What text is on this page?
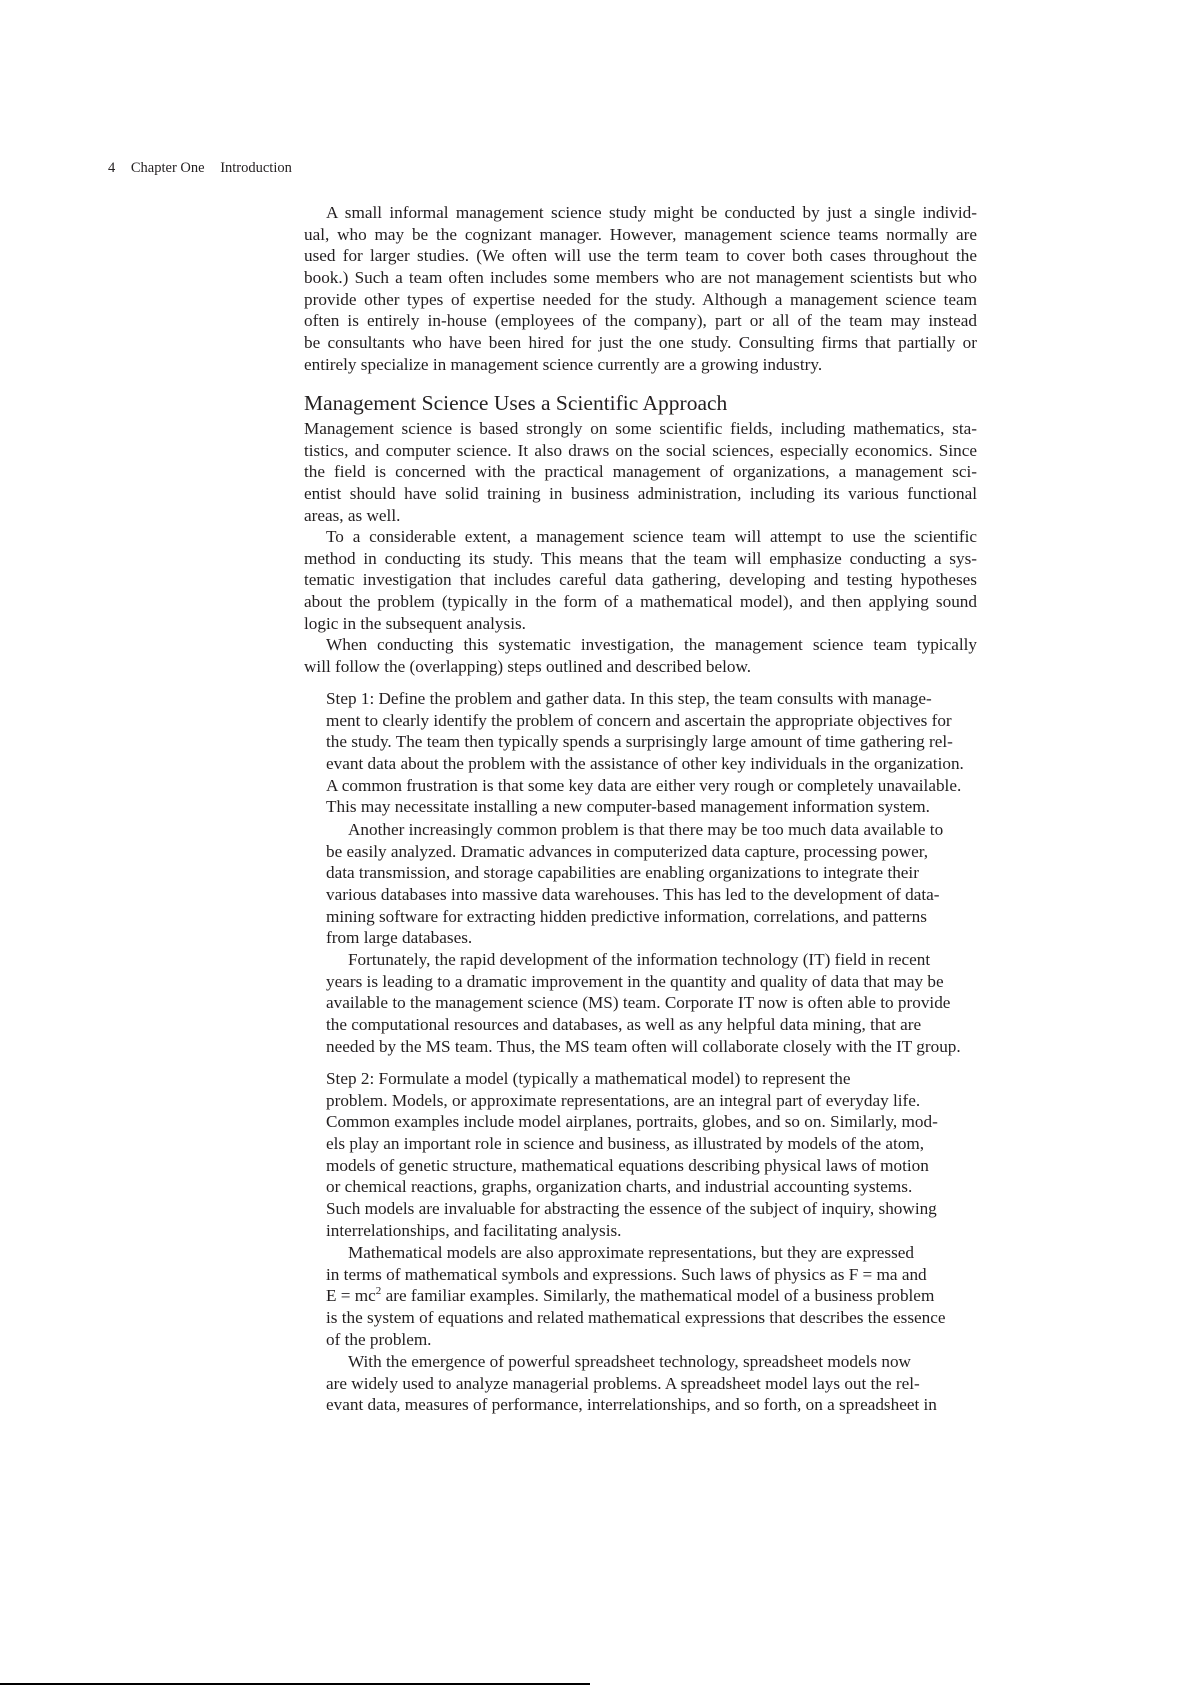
4 Chapter One Introduction
Management Science Uses a Scientific Approach
A small informal management science study might be conducted by just a single individ-
ual, who may be the cognizant manager. However, management science teams normally are
used for larger studies. (We often will use the term team to cover both cases throughout the
book.) Such a team often includes some members who are not management scientists but who
provide other types of expertise needed for the study. Although a management science team
often is entirely in-house (employees of the company), part or all of the team may instead
be consultants who have been hired for just the one study. Consulting firms that partially or
entirely specialize in management science currently are a growing industry.
Management science is based strongly on some scientific fields, including mathematics, sta-
tistics, and computer science. It also draws on the social sciences, especially economics. Since
the field is concerned with the practical management of organizations, a management sci-
entist should have solid training in business administration, including its various functional
areas, as well.
To a considerable extent, a management science team will attempt to use the scientific
method in conducting its study. This means that the team will emphasize conducting a sys-
tematic investigation that includes careful data gathering, developing and testing hypotheses
about the problem (typically in the form of a mathematical model), and then applying sound
logic in the subsequent analysis.
When conducting this systematic investigation, the management science team typically
will follow the (overlapping) steps outlined and described below.
Step 1: Define the problem and gather data. In this step, the team consults with manage-
ment to clearly identify the problem of concern and ascertain the appropriate objectives for
the study. The team then typically spends a surprisingly large amount of time gathering rel-
evant data about the problem with the assistance of other key individuals in the organization.
A common frustration is that some key data are either very rough or completely unavailable.
This may necessitate installing a new computer-based management information system.
Another increasingly common problem is that there may be too much data available to
be easily analyzed. Dramatic advances in computerized data capture, processing power,
data transmission, and storage capabilities are enabling organizations to integrate their
various databases into massive data warehouses. This has led to the development of data-
mining software for extracting hidden predictive information, correlations, and patterns
from large databases.
Fortunately, the rapid development of the information technology (IT) field in recent
years is leading to a dramatic improvement in the quantity and quality of data that may be
available to the management science (MS) team. Corporate IT now is often able to provide
the computational resources and databases, as well as any helpful data mining, that are
needed by the MS team. Thus, the MS team often will collaborate closely with the IT group.
Step 2: Formulate a model (typically a mathematical model) to represent the
problem. Models, or approximate representations, are an integral part of everyday life.
Common examples include model airplanes, portraits, globes, and so on. Similarly, mod-
els play an important role in science and business, as illustrated by models of the atom,
models of genetic structure, mathematical equations describing physical laws of motion
or chemical reactions, graphs, organization charts, and industrial accounting systems.
Such models are invaluable for abstracting the essence of the subject of inquiry, showing
interrelationships, and facilitating analysis.
Mathematical models are also approximate representations, but they are expressed
in terms of mathematical symbols and expressions. Such laws of physics as F = ma and
$E = mc^2$ are familiar examples. Similarly, the mathematical model of a business problem
is the system of equations and related mathematical expressions that describes the essence
of the problem.
With the emergence of powerful spreadsheet technology, spreadsheet models now
are widely used to analyze managerial problems. A spreadsheet model lays out the rel-
evant data, measures of performance, interrelationships, and so forth, on a spreadsheet in
